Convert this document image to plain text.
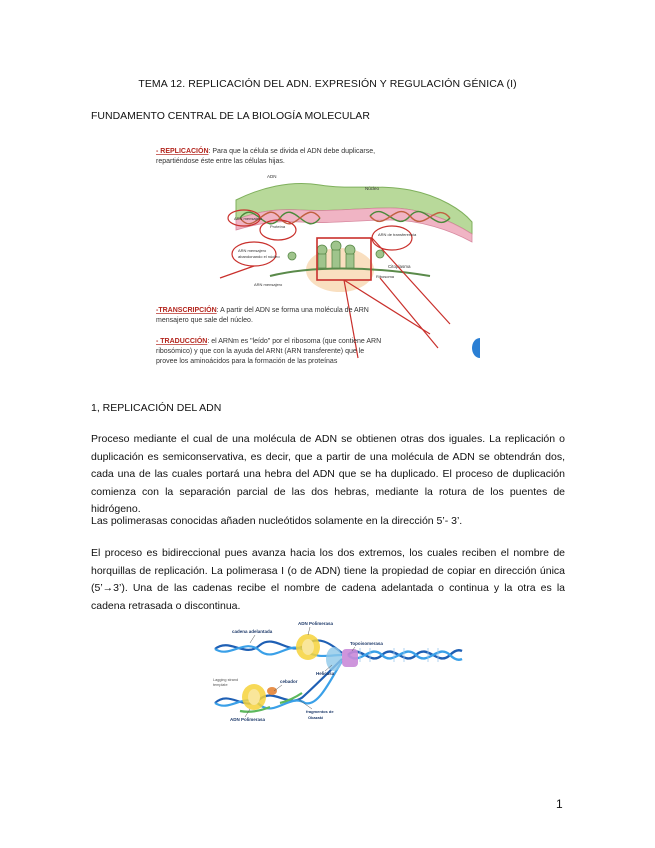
TEMA 12. REPLICACIÓN DEL ADN. EXPRESIÓN Y REGULACIÓN GÉNICA (I)
FUNDAMENTO CENTRAL DE LA BIOLOGÍA MOLECULAR
- REPLICACIÓN: Para que la célula se divida el ADN debe duplicarse,
repartiéndose éste entre las células hijas.
ADN
Núcleo
ARN mensajero
Proteína
ARN de transferencia
ARN mensajero
abandonando el núcleo
Citoplasma
Ribosoma
ARN mensajero
-TRANSCRIPCIÓN: A partir del ADN se forma una molécula de ARN
mensajero que sale del núcleo.
- TRADUCCIÓN: el ARNm es "leído" por el ribosoma (que contiene ARN
ribosómico) y que con la ayuda del ARNt (ARN transferente) que le
provee los aminoácidos para la formación de las proteínas
1, REPLICACIÓN DEL ADN

Proceso mediante el cual de una molécula de ADN se obtienen otras dos iguales. La replicación o duplicación es semiconservativa, es decir, que a partir de una molécula de ADN se obtendrán dos, cada una de las cuales portará una hebra del ADN que se ha duplicado. El proceso de duplicación comienza con la separación parcial de las dos hebras, mediante la rotura de los puentes de hidrógeno.

Las polimerasas conocidas añaden nucleótidos solamente en la dirección 5’- 3’.

El proceso es bidireccional pues avanza hacia los dos extremos, los cuales reciben el nombre de horquillas de replicación. La polimerasa I (o de ADN) tiene la propiedad de copiar en dirección única (5’→3’). Una de las cadenas recibe el nombre de cadena adelantada o continua y la otra es la cadena retrasada o discontinua.

cadena adelantada
ADN Polimerasa
Topoisomerasa
Helicasa
Lagging strand
template
cebador
fragmentos de
Okazaki
ADN Polimerasa
1
